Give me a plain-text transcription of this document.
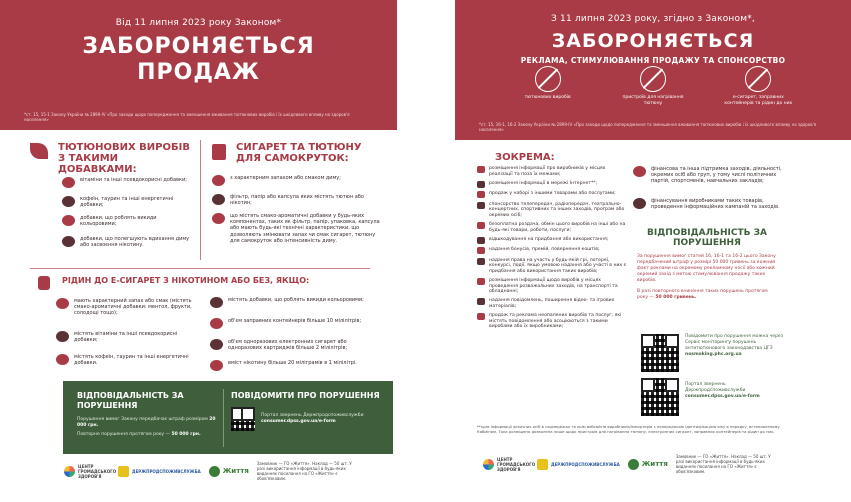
Від 11 липня 2023 року Законом*
ЗАБОРОНЯЄТЬСЯ
ПРОДАЖ
*ст. 15, 15-1 Закону України № 2899-IV «Про заходи щодо попередження та зменшення вживання тютюнових виробів і їх шкідливого впливу на здоров'я населення»
ТЮТЮНОВИХ ВИРОБІВ З ТАКИМИ ДОБАВКАМИ:
вітаміни та інші псевдокорисні добавки;
кофеїн, таурин та інші енергетичні добавки;
добавки, що роблять викиди кольоровими;
добавки, що полегшують вдихання диму або засвоєння нікотину.
СИГАРЕТ ТА ТЮТЮНУ ДЛЯ САМОКРУТОК:
з характерним запахом або смаком диму;
фільтр, папір або капсула яких містять тютюн або нікотин;
що містять смако-ароматичні добавки у будь-яких компонентах, таких як фільтр, папір, упаковка, капсула або мають будь-які технічні характеристики, що дозволяють змінювати запах чи смак сигарет, тютюну для самокруток або інтенсивність диму.
РІДИН ДО Е-СИГАРЕТ З НІКОТИНОМ АБО БЕЗ, ЯКЩО:
мають характерний запах або смак (містять смако-ароматичні добавки: ментол, фрукти, солодощі тощо);
містять вітаміни та інші псевдокорисні добавки;
містять кофеїн, таурин та інші енергетичні добавки.
містять добавки, що роблять викиди кольоровими;
об'єм заправних контейнерів більше 10 мілілітрів;
об'єм одноразових електронних сигарет або одноразових картриджів більше 2 мілілітрів;
вміст нікотину більше 20 міліграмів в 1 мілілітрі.
ВІДПОВІДАЛЬНІСТЬ ЗА ПОРУШЕННЯ
Порушення вимог Закону передбачає штраф розміром 20 000 грн.
Повторне порушення протягом року — 50 000 грн.
ПОВІДОМИТИ ПРО ПОРУШЕННЯ
Портал звернень Держпродспоживслужби
consumer.dpss.gov.ua/e-form
ЦЕНТР ГРОМАДСЬКОГО ЗДОРОВ'Я
ДЕРЖПРОДСПОЖИВСЛУЖБА	Життя
Замовник — ГО «Життя». Наклад — 50 шт. У разі використання інформації в будь-яких виданнях посилання на ГО «Життя» є обов'язковим.
З 11 липня 2023 року, згідно з Законом*,
ЗАБОРОНЯЄТЬСЯ
РЕКЛАМА, СТИМУЛЮВАННЯ ПРОДАЖУ ТА СПОНСОРСТВО
тютюнових виробів	пристроїв для нагрівання тютюну
е-сигарет, заправних контейнерів та рідин до них
*ст. 15, 16-1, 16-2 Закону України № 2899-IV «Про заходи щодо попередження та зменшення вживання тютюнових виробів і їх шкідливого впливу на здоров'я населення»
ЗОКРЕМА:
розміщення інформації про виробників у місцях реалізації та поза їх межами;
розміщення інформації в мережі Інтернет**;
продаж у наборі з іншими товарами або послугами;
спонсорство телепередач, радіопередач, театрально-концертних, спортивних та інших заходів, програм або окремих осіб;
безоплатна роздача, обмін цього виробів на інші або на будь-які товари, роботи, послуги;
відшкодування на придбання або використання;
надання бонусів, премій, повернення коштів;
надання права на участь у будь-якій грі, лотереї, конкурсі, події, якщо умовою надання або участі в них є придбання або використання таких виробів;
розміщення інформації щодо виробів у місцях проведення розважальних заходів, на транспорті та обладнанні;
надання повідомлень, поширення відео- та ігрових матеріалів;
продаж та реклама неопалених виробів та послуг, які містять повідомлення або асоціюються з такими виробами або їх виробниками;
фінансова та інша підтримка заходів, діяльності, окремих осіб або груп, у тому числі політичних партій, спортсменів, навчальних закладів;
фінансування виробниками таких товарів, проведення інформаційних кампаній та заходів.
ВІДПОВІДАЛЬНІСТЬ ЗА ПОРУШЕННЯ
За порушення вимог статей 16, 16-1 та 16-2 цього Закону передбачений штраф у розмірі 50 000 гривень за кожний факт реклами на окремому рекламному носії або кожний окремий захід з метою стимулювання продажу таких виробів.
В разі повторного вчинення таких порушень протягом року — 50 000 гривень.
Повідомити про порушення можна через Сервіс моніторингу порушень антитютюнового законодавства ЦГЗ
nosmoking.phc.org.ua
Портал звернень Держпродспоживслужби
consumer.dpss.gov.ua/e-form
**крім інформації фізичних осіб в соцмережах та крім вебсайтів виробників/імпортерів з попередньою ідентифікацією віку в порядку, встановленому Кабміном. Така розміщена дозволена лише щодо пристроїв для нагрівання тютюну, електронних сигарет, заправних контейнерів та рідин до них.
ЦЕНТР ГРОМАДСЬКОГО ЗДОРОВ'Я
ДЕРЖПРОДСПОЖИВСЛУЖБА	Життя
Замовник — ГО «Життя». Наклад — 50 шт. У разі використання інформації в будь-яких виданнях посилання на ГО «Життя» є обов'язковим.
